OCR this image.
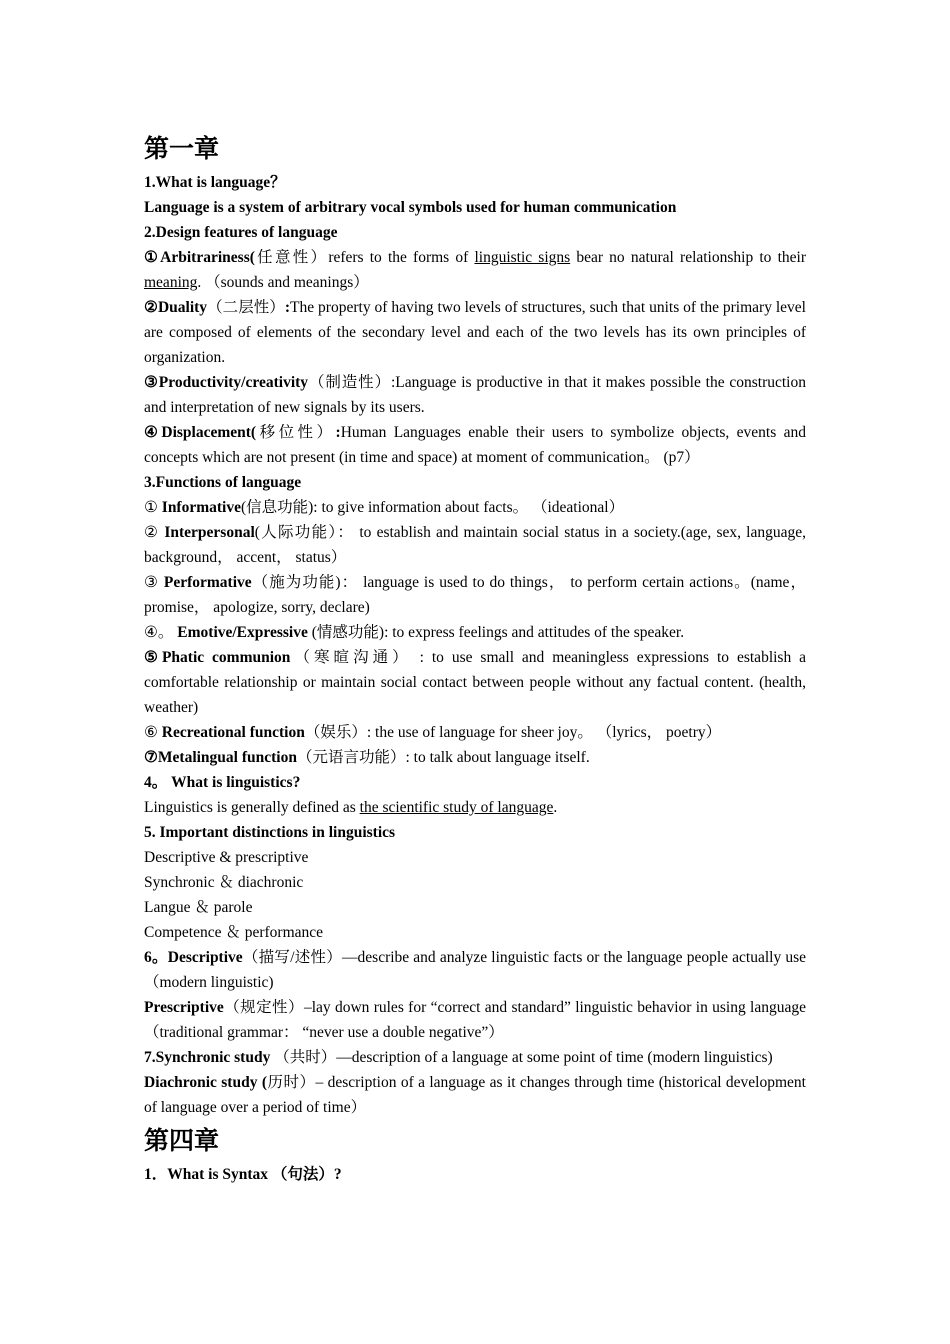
第一章

1.What is language？

Language is a system of arbitrary vocal symbols used for human communication

2.Design features of language

①Arbitrariness(任意性）refers to the forms of linguistic signs bear no natural relationship to their meaning. （sounds and meanings）

②Duality（二层性）:The property of having two levels of structures, such that units of the primary level are composed of elements of the secondary level and each of the two levels has its own principles of organization.

③Productivity/creativity（制造性）:Language is productive in that it makes possible the construction and interpretation of new signals by its users.

④Displacement(移位性）:Human Languages enable their users to symbolize objects, events and concepts which are not present (in time and space) at moment of communication。 (p7）

3.Functions of language

① Informative(信息功能): to give information about facts。 （ideational）

② Interpersonal(人际功能）： to establish and maintain social status in a society.(age, sex, language, background， accent， status）

③ Performative（施为功能)： language is used to do things， to perform certain actions。(name， promise， apologize, sorry, declare)

④。 Emotive/Expressive (情感功能): to express feelings and attitudes of the speaker.

⑤Phatic communion（寒暄沟通） : to use small and meaningless expressions to establish a comfortable relationship or maintain social contact between people without any factual content. (health, weather)

⑥ Recreational function（娱乐）: the use of language for sheer joy。 （lyrics， poetry）

⑦Metalingual function（元语言功能）: to talk about language itself.

4。 What is linguistics?

Linguistics is generally defined as the scientific study of language.

5. Important distinctions in linguistics

Descriptive & prescriptive

Synchronic ＆ diachronic

Langue ＆ parole

Competence ＆ performance

6。Descriptive（描写/述性）—describe and analyze linguistic facts or the language people actually use （modern linguistic)

Prescriptive（规定性）–lay down rules for “correct and standard” linguistic behavior in using language （traditional grammar： “never use a double negative”）

7.Synchronic study （共时）—description of a language at some point of time (modern linguistics)

Diachronic study (历时）– description of a language as it changes through time (historical development of language over a period of time）

第四章

1．What is Syntax （句法）?
